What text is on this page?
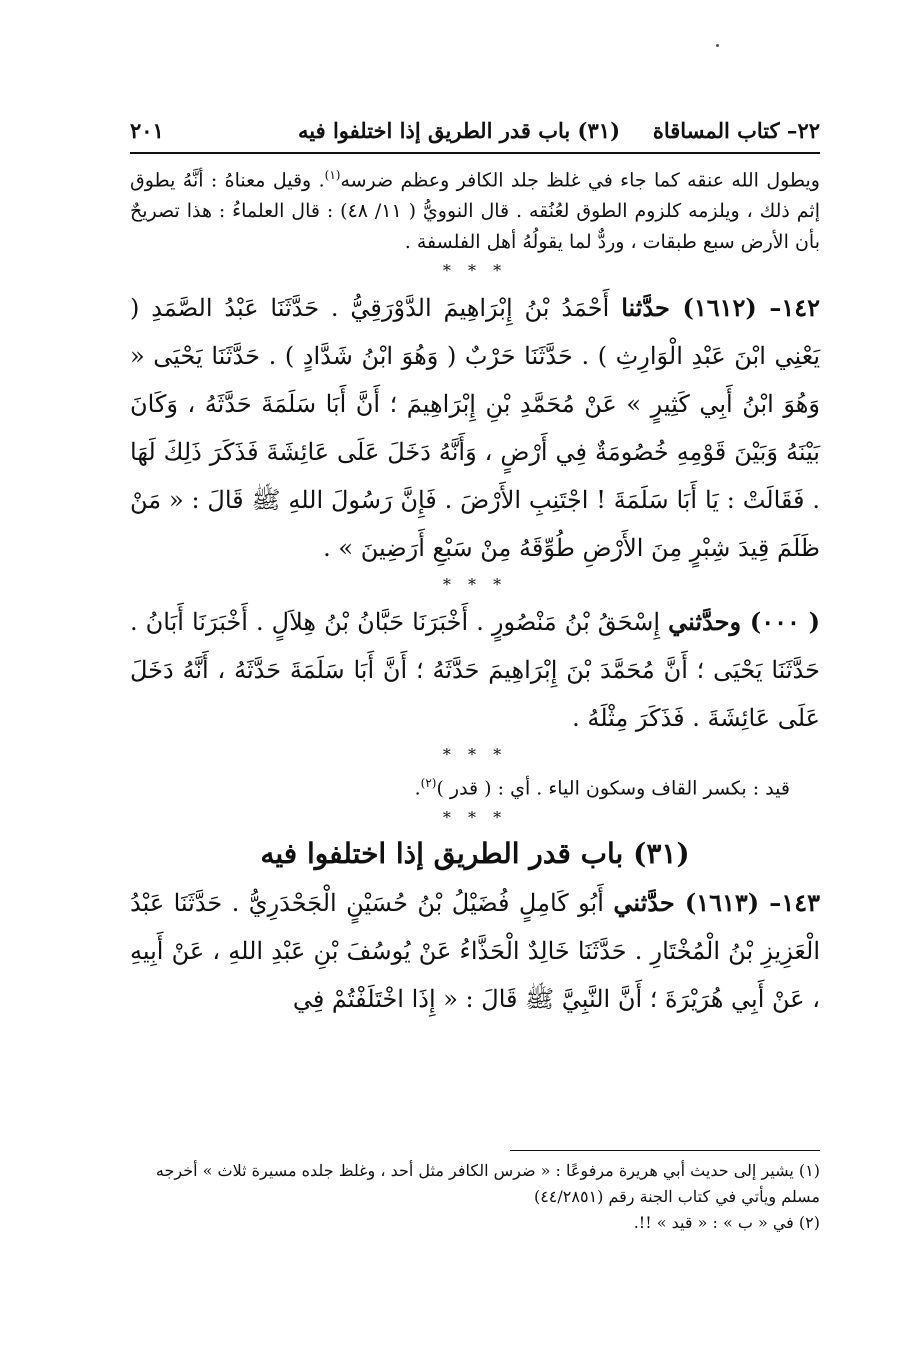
٢٢– كتاب المساقاة
(٣١) باب قدر الطريق إذا اختلفوا فيه
٢٠١

ويطول الله عنقه كما جاء في غلظ جلد الكافر وعظم ضرسه$^{(١)}$. وقيل معناهُ : أنَّهُ يطوق إثم ذلك ، ويلزمه كلزوم الطوق لعُنُقه . قال النوويُّ ( ١١/ ٤٨) : قال العلماءُ : هذا تصريحٌ بأن الأرض سبع طبقات ، وردٌّ لما يقولُهُ أهل الفلسفة .

* * *

١٤٢– (١٦١٢) حدَّثنا أَحْمَدُ بْنُ إِبْرَاهِيمَ الدَّوْرَقِيُّ . حَدَّثَنَا عَبْدُ الصَّمَدِ ( يَعْنِي ابْنَ عَبْدِ الْوَارِثِ ) . حَدَّثَنَا حَرْبٌ ( وَهُوَ ابْنُ شَدَّادٍ ) . حَدَّثَنَا يَحْيَى « وَهُوَ ابْنُ أَبِي كَثِيرٍ » عَنْ مُحَمَّدِ بْنِ إِبْرَاهِيمَ ؛ أَنَّ أَبَا سَلَمَةَ حَدَّثَهُ ، وَكَانَ بَيْنَهُ وَبَيْنَ قَوْمِهِ خُصُومَةٌ فِي أَرْضٍ ، وَأَنَّهُ دَخَلَ عَلَى عَائِشَةَ فَذَكَرَ ذَلِكَ لَهَا . فَقَالَتْ : يَا أَبَا سَلَمَةَ ! اجْتَنِبِ الأَرْضَ . فَإِنَّ رَسُولَ اللهِ ﷺ قَالَ : « مَنْ ظَلَمَ قِيدَ شِبْرٍ مِنَ الأَرْضِ طُوِّقَهُ مِنْ سَبْعِ أَرَضِينَ » .

* * *

( ٠٠٠) وحدَّثني إِسْحَقُ بْنُ مَنْصُورٍ . أَخْبَرَنَا حَبَّانُ بْنُ هِلاَلٍ . أَخْبَرَنَا أَبَانُ . حَدَّثَنَا يَحْيَى ؛ أَنَّ مُحَمَّدَ بْنَ إِبْرَاهِيمَ حَدَّثَهُ ؛ أَنَّ أَبَا سَلَمَةَ حَدَّثَهُ ، أَنَّهُ دَخَلَ عَلَى عَائِشَةَ . فَذَكَرَ مِثْلَهُ .

* * *

قيد : بكسر القاف وسكون الياء . أي : ( قدر )$^{(٢)}$.

* * *
(٣١) باب قدر الطريق إذا اختلفوا فيه

١٤٣– (١٦١٣) حدَّثني أَبُو كَامِلٍ فُضَيْلُ بْنُ حُسَيْنٍ الْجَحْدَرِيُّ . حَدَّثَنَا عَبْدُ الْعَزِيزِ بْنُ الْمُخْتَارِ . حَدَّثَنَا خَالِدٌ الْحَذَّاءُ عَنْ يُوسُفَ بْنِ عَبْدِ اللهِ ، عَنْ أَبِيهِ ، عَنْ أَبِي هُرَيْرَةَ ؛ أَنَّ النَّبِيَّ ﷺ قَالَ : « إِذَا اخْتَلَفْتُمْ فِي

(١) يشير إلى حديث أبي هريرة مرفوعًا : « ضرس الكافر مثل أحد ، وغلظ جلده مسيرة ثلاث » أخرجه مسلم ويأتي في كتاب الجنة رقم (٤٤/٢٨٥١)

(٢) في « ب » : « قيد » !!.
